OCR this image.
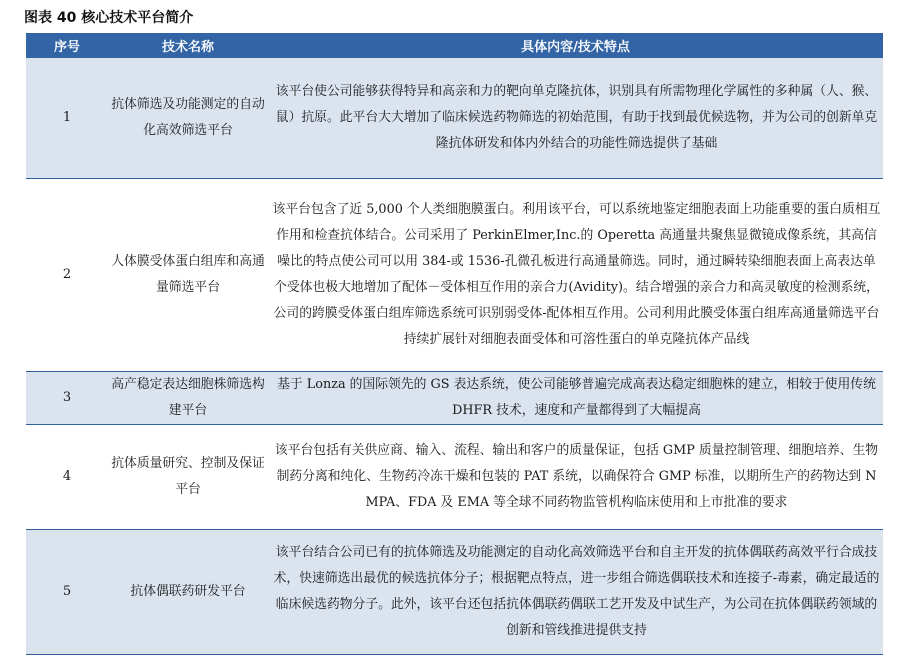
图表 40 核心技术平台简介
序号	技术名称	具体内容/技术特点
1	抗体筛选及功能测定的自动化高效筛选平台	该平台使公司能够获得特异和高亲和力的靶向单克隆抗体，识别具有所需物理化学属性的多种属（人、猴、鼠）抗原。此平台大大增加了临床候选药物筛选的初始范围，有助于找到最优候选物，并为公司的创新单克隆抗体研发和体内外结合的功能性筛选提供了基础
2	人体膜受体蛋白组库和高通量筛选平台	该平台包含了近 5,000 个人类细胞膜蛋白。利用该平台，可以系统地鉴定细胞表面上功能重要的蛋白质相互作用和检查抗体结合。公司采用了 PerkinElmer,Inc.的 Operetta 高通量共聚焦显微镜成像系统，其高信噪比的特点使公司可以用 384-或 1536-孔微孔板进行高通量筛选。同时，通过瞬转染细胞表面上高表达单个受体也极大地增加了配体－受体相互作用的亲合力(Avidity)。结合增强的亲合力和高灵敏度的检测系统，公司的跨膜受体蛋白组库筛选系统可识别弱受体-配体相互作用。公司利用此膜受体蛋白组库高通量筛选平台持续扩展针对细胞表面受体和可溶性蛋白的单克隆抗体产品线
3	高产稳定表达细胞株筛选构建平台	基于 Lonza 的国际领先的 GS 表达系统，使公司能够普遍完成高表达稳定细胞株的建立，相较于使用传统 DHFR 技术，速度和产量都得到了大幅提高
4	抗体质量研究、控制及保证平台	该平台包括有关供应商、输入、流程、输出和客户的质量保证，包括 GMP 质量控制管理、细胞培养、生物制药分离和纯化、生物药冷冻干燥和包装的 PAT 系统，以确保符合 GMP 标准，以期所生产的药物达到 NMPA、FDA 及 EMA 等全球不同药物监管机构临床使用和上市批准的要求
5	抗体偶联药研发平台	该平台结合公司已有的抗体筛选及功能测定的自动化高效筛选平台和自主开发的抗体偶联药高效平行合成技术，快速筛选出最优的候选抗体分子；根据靶点特点，进一步组合筛选偶联技术和连接子-毒素，确定最适的临床候选药物分子。此外，该平台还包括抗体偶联药偶联工艺开发及中试生产，为公司在抗体偶联药领域的创新和管线推进提供支持
